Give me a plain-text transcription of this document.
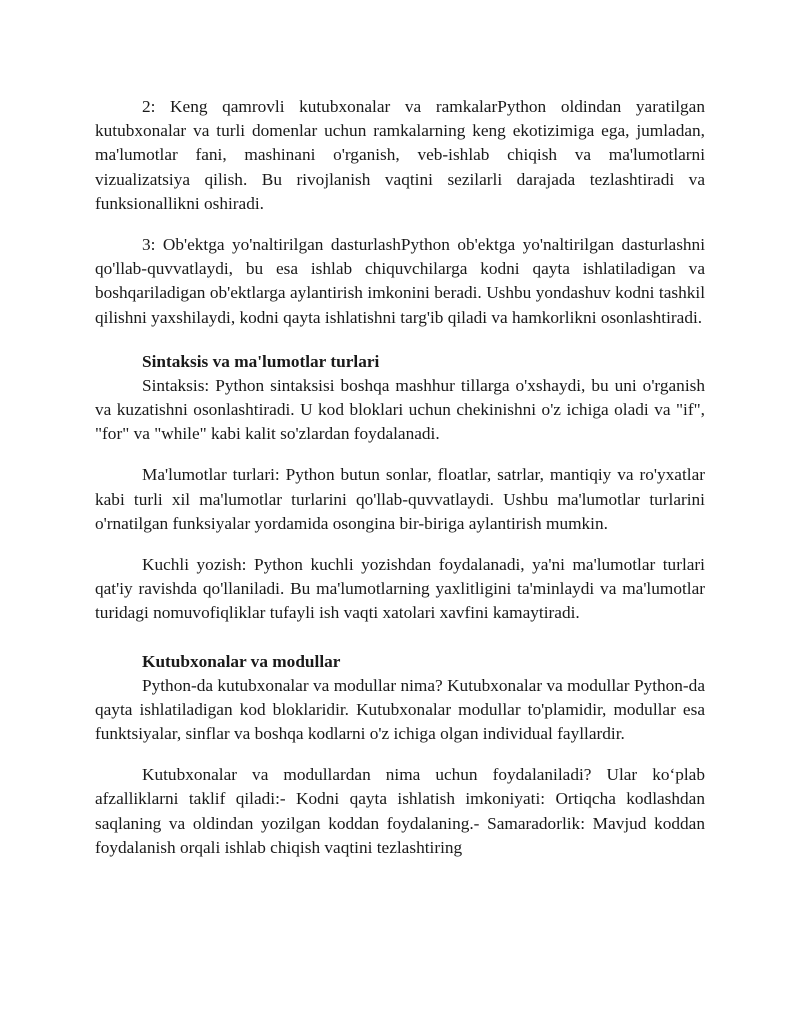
2: Keng qamrovli kutubxonalar va ramkalarPython oldindan yaratilgan kutubxonalar va turli domenlar uchun ramkalarning keng ekotizimiga ega, jumladan, ma'lumotlar fani, mashinani o'rganish, veb-ishlab chiqish va ma'lumotlarni vizualizatsiya qilish. Bu rivojlanish vaqtini sezilarli darajada tezlashtiradi va funksionallikni oshiradi.

3: Ob'ektga yo'naltirilgan dasturlashPython ob'ektga yo'naltirilgan dasturlashni qo'llab-quvvatlaydi, bu esa ishlab chiquvchilarga kodni qayta ishlatiladigan va boshqariladigan ob'ektlarga aylantirish imkonini beradi. Ushbu yondashuv kodni tashkil qilishni yaxshilaydi, kodni qayta ishlatishni targ'ib qiladi va hamkorlikni osonlashtiradi.

Sintaksis va ma'lumotlar turlari

Sintaksis: Python sintaksisi boshqa mashhur tillarga o'xshaydi, bu uni o'rganish va kuzatishni osonlashtiradi. U kod bloklari uchun chekinishni o'z ichiga oladi va "if", "for" va "while" kabi kalit so'zlardan foydalanadi.

Ma'lumotlar turlari: Python butun sonlar, floatlar, satrlar, mantiqiy va ro'yxatlar kabi turli xil ma'lumotlar turlarini qo'llab-quvvatlaydi. Ushbu ma'lumotlar turlarini o'rnatilgan funksiyalar yordamida osongina bir-biriga aylantirish mumkin.

Kuchli yozish: Python kuchli yozishdan foydalanadi, ya'ni ma'lumotlar turlari qat'iy ravishda qo'llaniladi. Bu ma'lumotlarning yaxlitligini ta'minlaydi va ma'lumotlar turidagi nomuvofiqliklar tufayli ish vaqti xatolari xavfini kamaytiradi.

Kutubxonalar va modullar

Python-da kutubxonalar va modullar nima? Kutubxonalar va modullar Python-da qayta ishlatiladigan kod bloklaridir. Kutubxonalar modullar to'plamidir, modullar esa funktsiyalar, sinflar va boshqa kodlarni o'z ichiga olgan individual fayllardir.

Kutubxonalar va modullardan nima uchun foydalaniladi? Ular ko‘plab afzalliklarni taklif qiladi:- Kodni qayta ishlatish imkoniyati: Ortiqcha kodlashdan saqlaning va oldindan yozilgan koddan foydalaning.- Samaradorlik: Mavjud koddan foydalanish orqali ishlab chiqish vaqtini tezlashtiring
